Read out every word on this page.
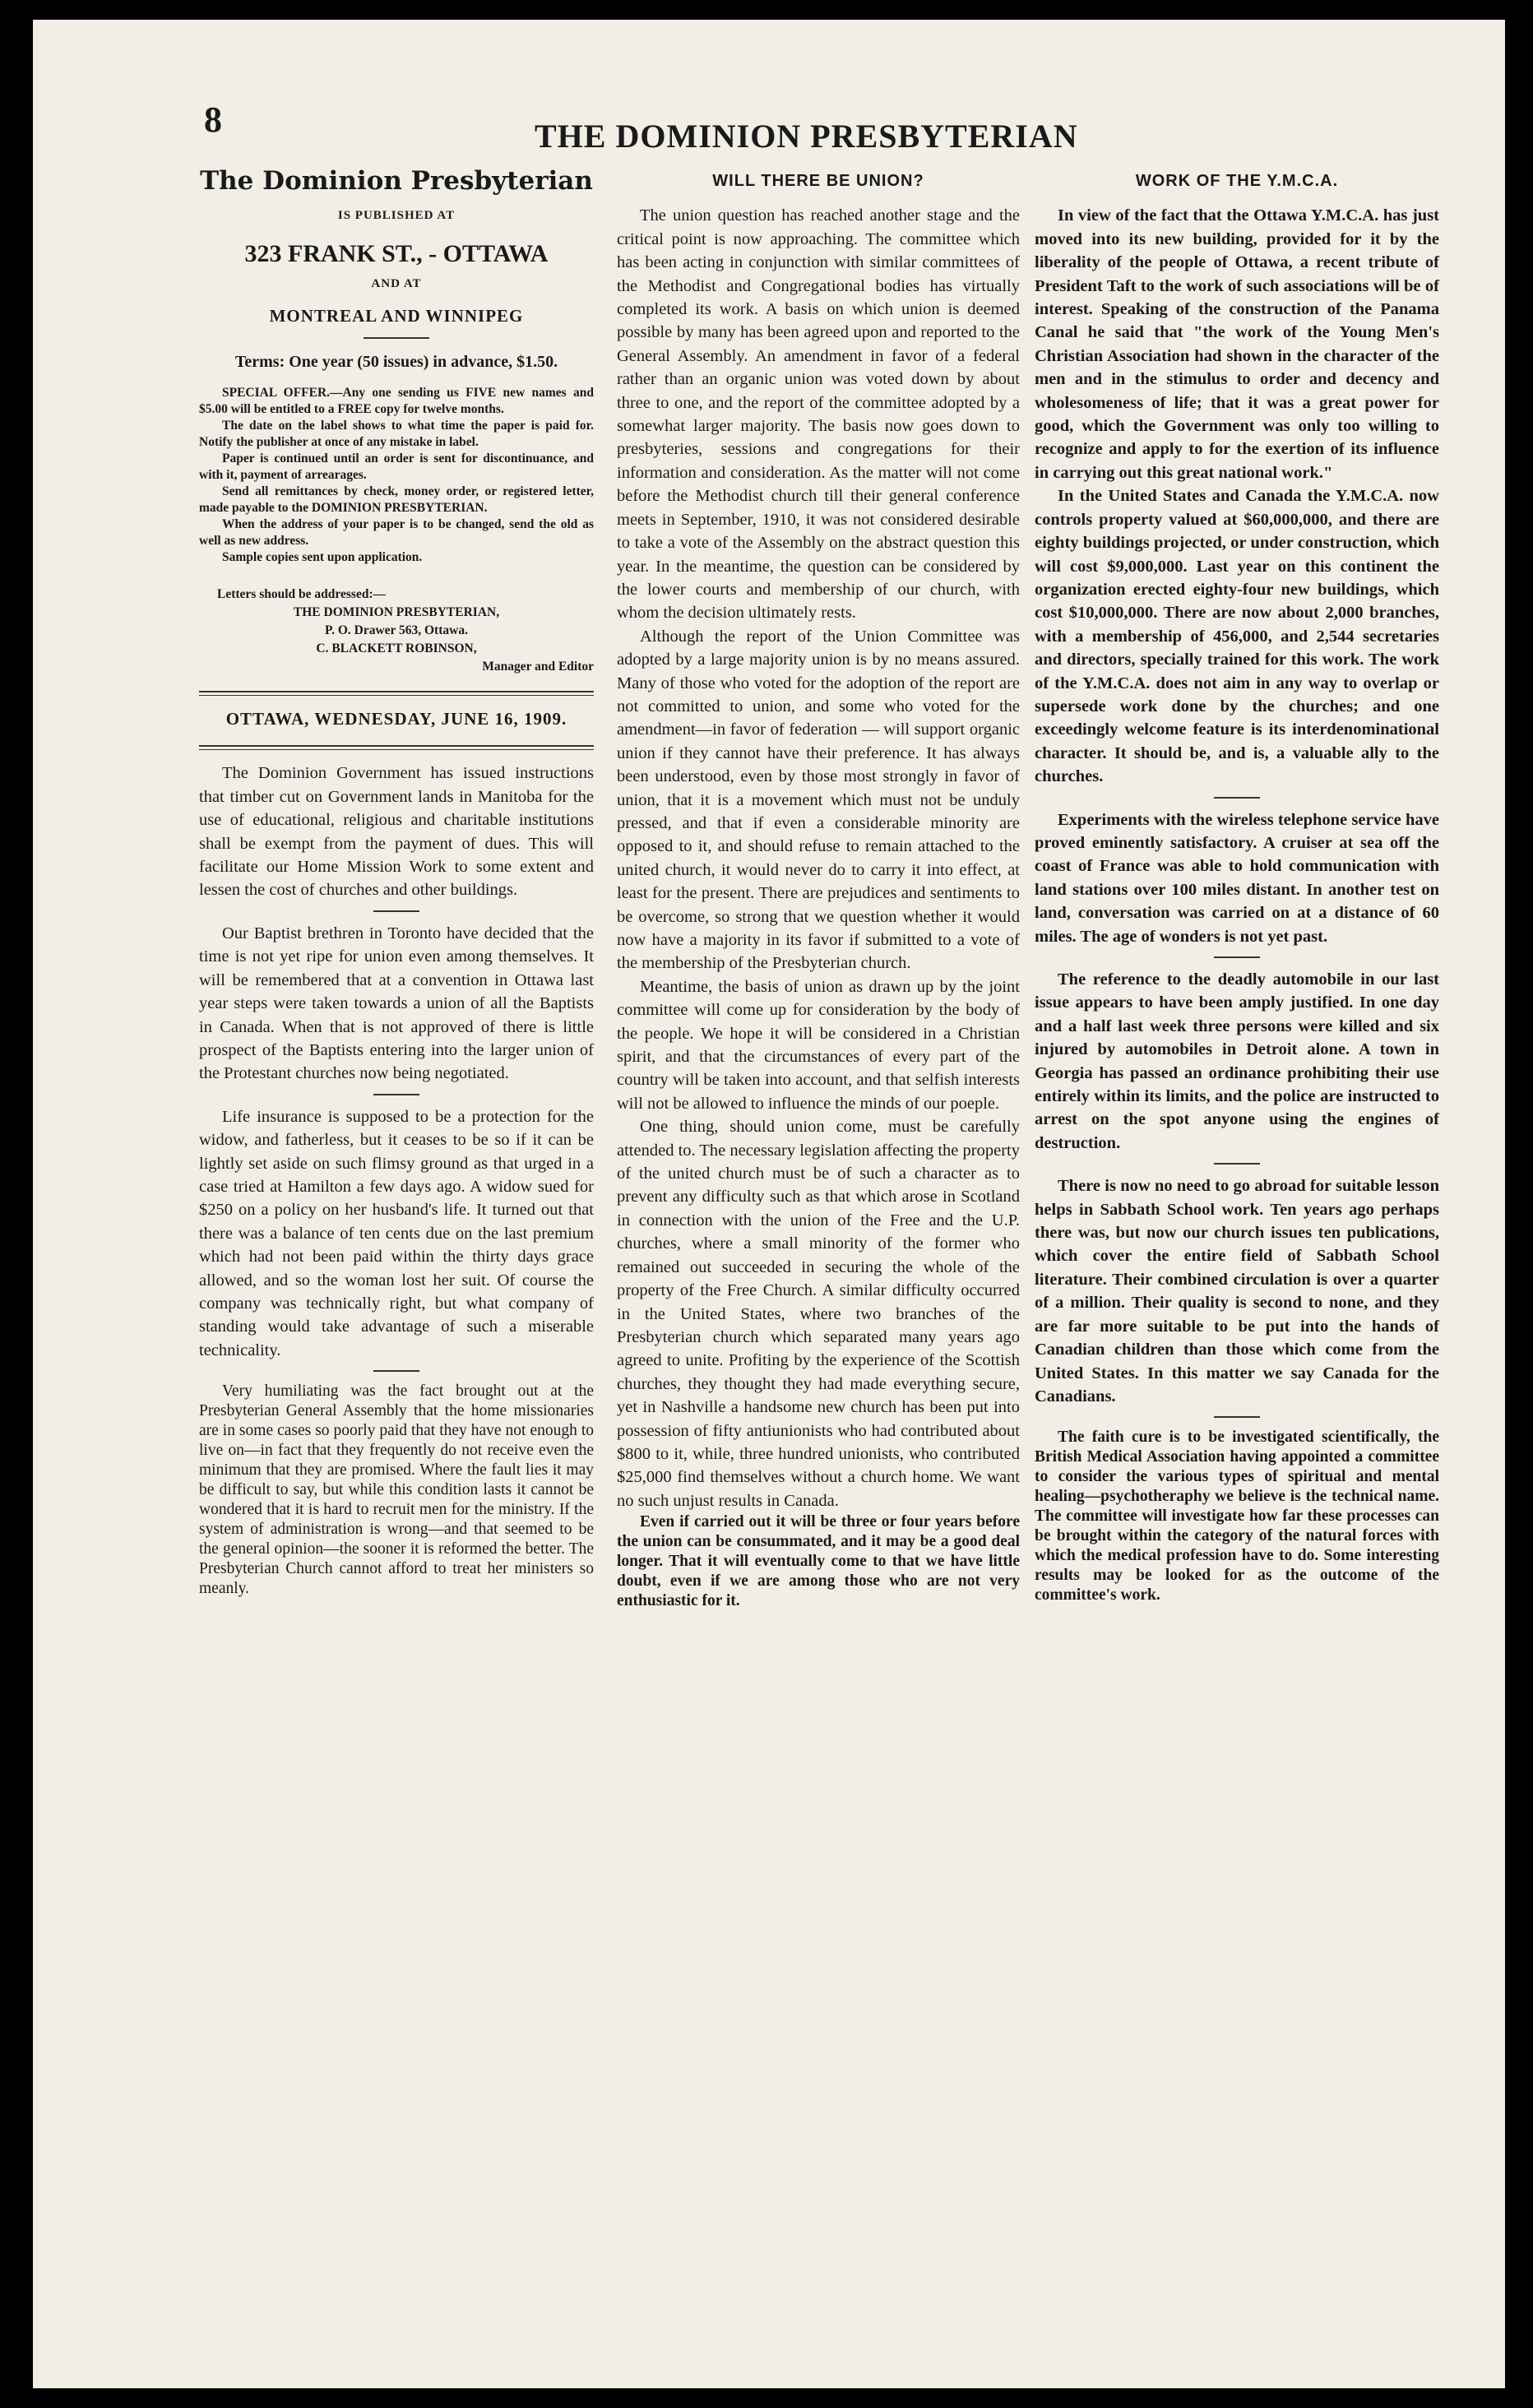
8	THE DOMINION PRESBYTERIAN
The Dominion Presbyterian
IS PUBLISHED AT
323 FRANK ST., - OTTAWA
AND AT
MONTREAL AND WINNIPEG
Terms: One year (50 issues) in advance, $1.50.

SPECIAL OFFER.—Any one sending us FIVE new names and $5.00 will be entitled to a FREE copy for twelve months.

The date on the label shows to what time the paper is paid for. Notify the publisher at once of any mistake in label.

Paper is continued until an order is sent for discontinuance, and with it, payment of arrearages.

Send all remittances by check, money order, or registered letter, made payable to the DOMINION PRESBYTERIAN.

When the address of your paper is to be changed, send the old as well as new address.

Sample copies sent upon application.

Letters should be addressed:—
THE DOMINION PRESBYTERIAN,
P. O. Drawer 563, Ottawa.
C. BLACKETT ROBINSON,
Manager and Editor
OTTAWA, WEDNESDAY, JUNE 16, 1909.

The Dominion Government has issued instructions that timber cut on Government lands in Manitoba for the use of educational, religious and charitable institutions shall be exempt from the payment of dues. This will facilitate our Home Mission Work to some extent and lessen the cost of churches and other buildings.

Our Baptist brethren in Toronto have decided that the time is not yet ripe for union even among themselves. It will be remembered that at a convention in Ottawa last year steps were taken towards a union of all the Baptists in Canada. When that is not approved of there is little prospect of the Baptists entering into the larger union of the Protestant churches now being negotiated.

Life insurance is supposed to be a protection for the widow, and fatherless, but it ceases to be so if it can be lightly set aside on such flimsy ground as that urged in a case tried at Hamilton a few days ago. A widow sued for $250 on a policy on her husband's life. It turned out that there was a balance of ten cents due on the last premium which had not been paid within the thirty days grace allowed, and so the woman lost her suit. Of course the company was technically right, but what company of standing would take advantage of such a miserable technicality.

Very humiliating was the fact brought out at the Presbyterian General Assembly that the home missionaries are in some cases so poorly paid that they have not enough to live on—in fact that they frequently do not receive even the minimum that they are promised. Where the fault lies it may be difficult to say, but while this condition lasts it cannot be wondered that it is hard to recruit men for the ministry. If the system of administration is wrong—and that seemed to be the general opinion—the sooner it is reformed the better. The Presbyterian Church cannot afford to treat her ministers so meanly.

WILL THERE BE UNION?

The union question has reached another stage and the critical point is now approaching. The committee which has been acting in conjunction with similar committees of the Methodist and Congregational bodies has virtually completed its work. A basis on which union is deemed possible by many has been agreed upon and reported to the General Assembly. An amendment in favor of a federal rather than an organic union was voted down by about three to one, and the report of the committee adopted by a somewhat larger majority. The basis now goes down to presbyteries, sessions and congregations for their information and consideration. As the matter will not come before the Methodist church till their general conference meets in September, 1910, it was not considered desirable to take a vote of the Assembly on the abstract question this year. In the meantime, the question can be considered by the lower courts and membership of our church, with whom the decision ultimately rests.

Although the report of the Union Committee was adopted by a large majority union is by no means assured. Many of those who voted for the adoption of the report are not committed to union, and some who voted for the amendment—in favor of federation — will support organic union if they cannot have their preference. It has always been understood, even by those most strongly in favor of union, that it is a movement which must not be unduly pressed, and that if even a considerable minority are opposed to it, and should refuse to remain attached to the united church, it would never do to carry it into effect, at least for the present. There are prejudices and sentiments to be overcome, so strong that we question whether it would now have a majority in its favor if submitted to a vote of the membership of the Presbyterian church.

Meantime, the basis of union as drawn up by the joint committee will come up for consideration by the body of the people. We hope it will be considered in a Christian spirit, and that the circumstances of every part of the country will be taken into account, and that selfish interests will not be allowed to influence the minds of our poeple.

One thing, should union come, must be carefully attended to. The necessary legislation affecting the property of the united church must be of such a character as to prevent any difficulty such as that which arose in Scotland in connection with the union of the Free and the U.P. churches, where a small minority of the former who remained out succeeded in securing the whole of the property of the Free Church. A similar difficulty occurred in the United States, where two branches of the Presbyterian church which separated many years ago agreed to unite. Profiting by the experience of the Scottish churches, they thought they had made everything secure, yet in Nashville a handsome new church has been put into possession of fifty antiunionists who had contributed about $800 to it, while, three hundred unionists, who contributed $25,000 find themselves without a church home. We want no such unjust results in Canada.

Even if carried out it will be three or four years before the union can be consummated, and it may be a good deal longer. That it will eventually come to that we have little doubt, even if we are among those who are not very enthusiastic for it.

WORK OF THE Y.M.C.A.

In view of the fact that the Ottawa Y.M.C.A. has just moved into its new building, provided for it by the liberality of the people of Ottawa, a recent tribute of President Taft to the work of such associations will be of interest. Speaking of the construction of the Panama Canal he said that "the work of the Young Men's Christian Association had shown in the character of the men and in the stimulus to order and decency and wholesomeness of life; that it was a great power for good, which the Government was only too willing to recognize and apply to for the exertion of its influence in carrying out this great national work."

In the United States and Canada the Y.M.C.A. now controls property valued at $60,000,000, and there are eighty buildings projected, or under construction, which will cost $9,000,000. Last year on this continent the organization erected eighty-four new buildings, which cost $10,000,000. There are now about 2,000 branches, with a membership of 456,000, and 2,544 secretaries and directors, specially trained for this work. The work of the Y.M.C.A. does not aim in any way to overlap or supersede work done by the churches; and one exceedingly welcome feature is its interdenominational character. It should be, and is, a valuable ally to the churches.

Experiments with the wireless telephone service have proved eminently satisfactory. A cruiser at sea off the coast of France was able to hold communication with land stations over 100 miles distant. In another test on land, conversation was carried on at a distance of 60 miles. The age of wonders is not yet past.

The reference to the deadly automobile in our last issue appears to have been amply justified. In one day and a half last week three persons were killed and six injured by automobiles in Detroit alone. A town in Georgia has passed an ordinance prohibiting their use entirely within its limits, and the police are instructed to arrest on the spot anyone using the engines of destruction.

There is now no need to go abroad for suitable lesson helps in Sabbath School work. Ten years ago perhaps there was, but now our church issues ten publications, which cover the entire field of Sabbath School literature. Their combined circulation is over a quarter of a million. Their quality is second to none, and they are far more suitable to be put into the hands of Canadian children than those which come from the United States. In this matter we say Canada for the Canadians.

The faith cure is to be investigated scientifically, the British Medical Association having appointed a committee to consider the various types of spiritual and mental healing—psychotheraphy we believe is the technical name. The committee will investigate how far these processes can be brought within the category of the natural forces with which the medical profession have to do. Some interesting results may be looked for as the outcome of the committee's work.
